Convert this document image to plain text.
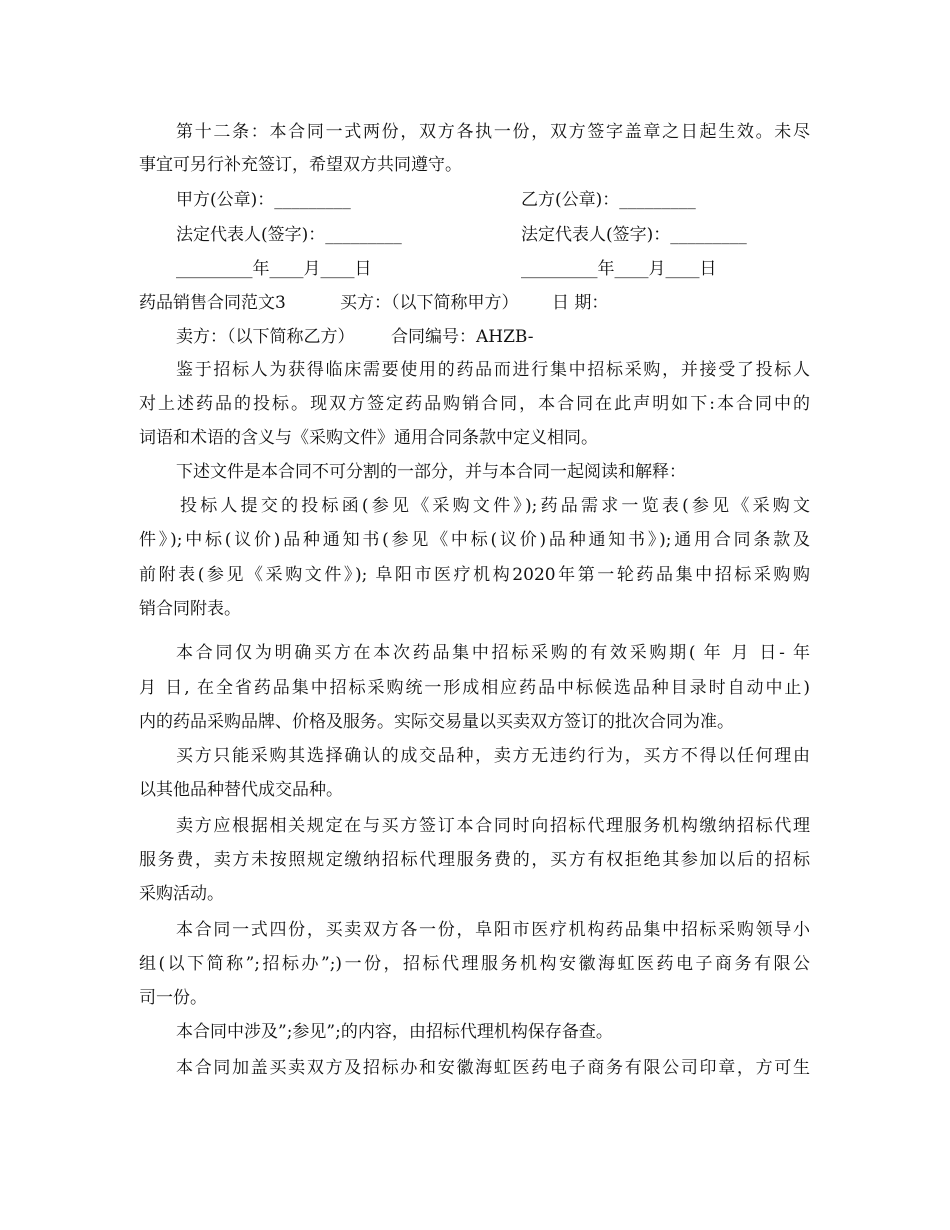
第十二条：本合同一式两份，双方各执一份，双方签字盖章之日起生效。未尽
事宜可另行补充签订，希望双方共同遵守。
甲方(公章)：_________	乙方(公章)：_________
法定代表人(签字)：_________	法定代表人(签字)：_________
_________年____月____日	_________年____月____日
药品销售合同范文3	买方：（以下简称甲方） 日 期：
卖方：（以下简称乙方） 合同编号：AHZB-
鉴于招标人为获得临床需要使用的药品而进行集中招标采购，并接受了投标人
对上述药品的投标。现双方签定药品购销合同，本合同在此声明如下:本合同中的
词语和术语的含义与《采购文件》通用合同条款中定义相同。
下述文件是本合同不可分割的一部分，并与本合同一起阅读和解释：
投标人提交的投标函(参见《采购文件》);药品需求一览表(参见《采购文
件》);中标(议价)品种通知书(参见《中标(议价)品种通知书》);通用合同条款及
前附表(参见《采购文件》); 阜阳市医疗机构2020年第一轮药品集中招标采购购
销合同附表。
本合同仅为明确买方在本次药品集中招标采购的有效采购期( 年 月 日- 年
月 日, 在全省药品集中招标采购统一形成相应药品中标候选品种目录时自动中止)
内的药品采购品牌、价格及服务。实际交易量以买卖双方签订的批次合同为准。
买方只能采购其选择确认的成交品种，卖方无违约行为，买方不得以任何理由
以其他品种替代成交品种。
卖方应根据相关规定在与买方签订本合同时向招标代理服务机构缴纳招标代理
服务费，卖方未按照规定缴纳招标代理服务费的，买方有权拒绝其参加以后的招标
采购活动。
本合同一式四份，买卖双方各一份，阜阳市医疗机构药品集中招标采购领导小
组(以下简称”;招标办”;)一份，招标代理服务机构安徽海虹医药电子商务有限公
司一份。
本合同中涉及”;参见”;的内容，由招标代理机构保存备查。
本合同加盖买卖双方及招标办和安徽海虹医药电子商务有限公司印章，方可生
